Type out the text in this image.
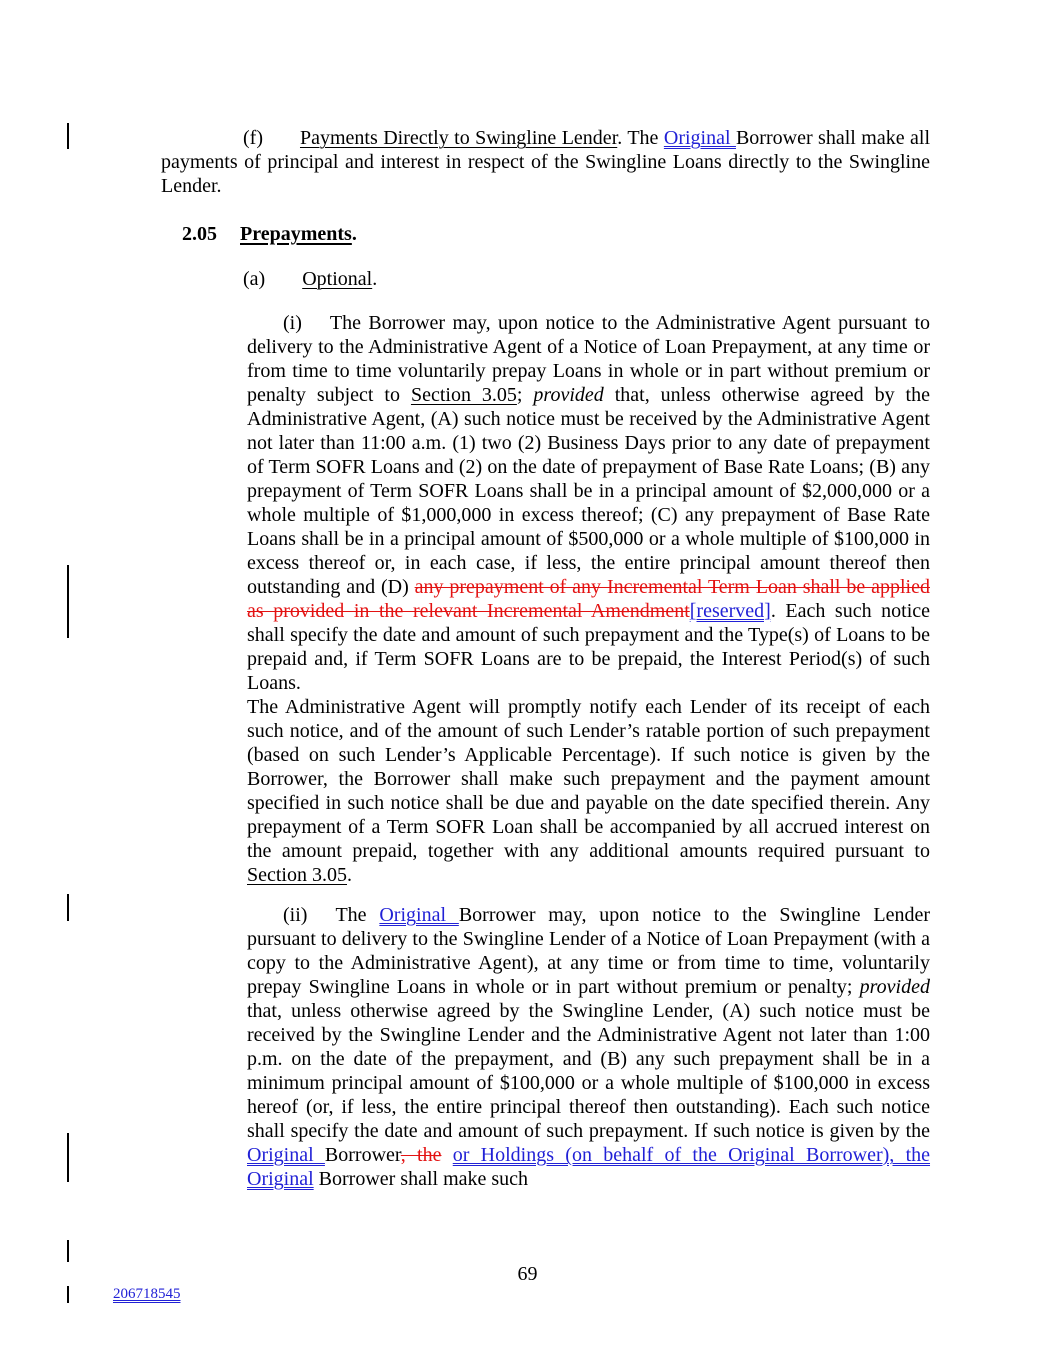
(f) Payments Directly to Swingline Lender. The Original Borrower shall make all payments of principal and interest in respect of the Swingline Loans directly to the Swingline Lender.

2.05 Prepayments.

(a) Optional.

(i) The Borrower may, upon notice to the Administrative Agent pursuant to delivery to the Administrative Agent of a Notice of Loan Prepayment, at any time or from time to time voluntarily prepay Loans in whole or in part without premium or penalty subject to Section 3.05; provided that, unless otherwise agreed by the Administrative Agent, (A) such notice must be received by the Administrative Agent not later than 11:00 a.m. (1) two (2) Business Days prior to any date of prepayment of Term SOFR Loans and (2) on the date of prepayment of Base Rate Loans; (B) any prepayment of Term SOFR Loans shall be in a principal amount of $2,000,000 or a whole multiple of $1,000,000 in excess thereof; (C) any prepayment of Base Rate Loans shall be in a principal amount of $500,000 or a whole multiple of $100,000 in excess thereof or, in each case, if less, the entire principal amount thereof then outstanding and (D) any prepayment of any Incremental Term Loan shall be applied as provided in the relevant Incremental Amendment[reserved]. Each such notice shall specify the date and amount of such prepayment and the Type(s) of Loans to be prepaid and, if Term SOFR Loans are to be prepaid, the Interest Period(s) of such Loans.

The Administrative Agent will promptly notify each Lender of its receipt of each such notice, and of the amount of such Lender’s ratable portion of such prepayment (based on such Lender’s Applicable Percentage). If such notice is given by the Borrower, the Borrower shall make such prepayment and the payment amount specified in such notice shall be due and payable on the date specified therein. Any prepayment of a Term SOFR Loan shall be accompanied by all accrued interest on the amount prepaid, together with any additional amounts required pursuant to Section 3.05.

(ii) The Original Borrower may, upon notice to the Swingline Lender pursuant to delivery to the Swingline Lender of a Notice of Loan Prepayment (with a copy to the Administrative Agent), at any time or from time to time, voluntarily prepay Swingline Loans in whole or in part without premium or penalty; provided that, unless otherwise agreed by the Swingline Lender, (A) such notice must be received by the Swingline Lender and the Administrative Agent not later than 1:00 p.m. on the date of the prepayment, and (B) any such prepayment shall be in a minimum principal amount of $100,000 or a whole multiple of $100,000 in excess hereof (or, if less, the entire principal thereof then outstanding). Each such notice shall specify the date and amount of such prepayment. If such notice is given by the Original Borrower, the or Holdings (on behalf of the Original Borrower), the Original Borrower shall make such

69
206718545
